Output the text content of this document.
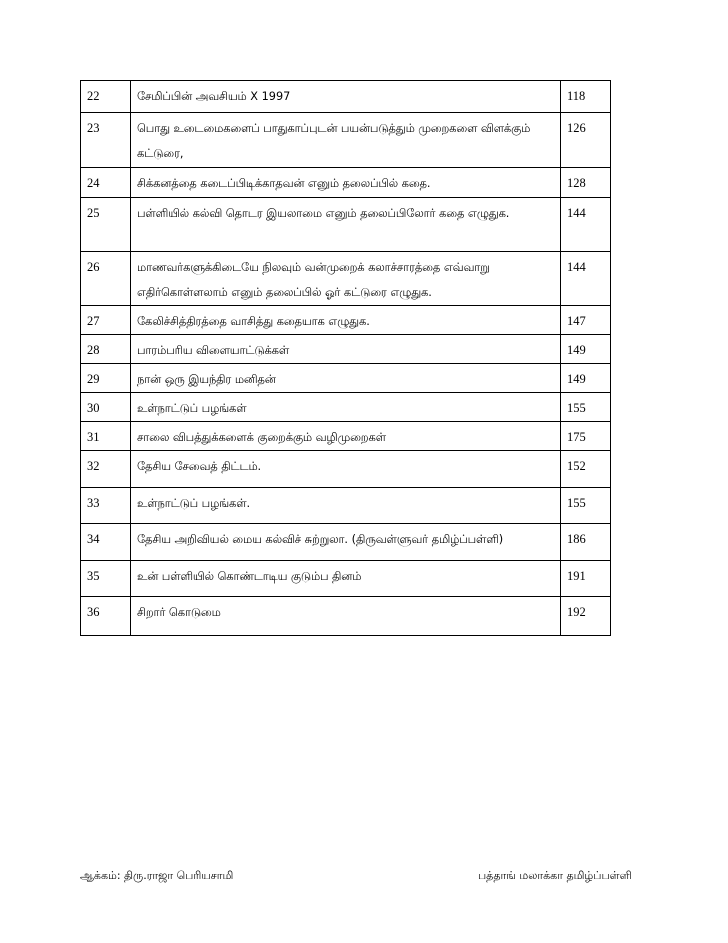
22	சேமிப்பின் அவசியம் X 1997	118
23	பொது உடைமைகளைப் பாதுகாப்புடன் பயன்படுத்தும் முறைகளை விளக்கும் கட்டுரை,	126
24	சிக்கனத்தை கடைப்பிடிக்காதவன் எனும் தலைப்பில் கதை.	128
25	பள்ளியில் கல்வி தொடர இயலாமை எனும் தலைப்பிலோர் கதை எழுதுக.	144
26	மாணவர்களுக்கிடையே நிலவும் வன்முறைக் கலாச்சாரத்தை எவ்வாறு எதிர்கொள்ளலாம் எனும் தலைப்பில் ஓர் கட்டுரை எழுதுக.	144
27	கேலிச்சித்திரத்தை வாசித்து கதையாக எழுதுக.	147
28	பாரம்பரிய விளையாட்டுக்கள்	149
29	நான் ஒரு இயந்திர மனிதன்	149
30	உள்நாட்டுப் பழங்கள்	155
31	சாலை விபத்துக்களைக் குறைக்கும் வழிமுறைகள்	175
32	தேசிய சேவைத் திட்டம்.	152
33	உள்நாட்டுப் பழங்கள்.	155
34	தேசிய அறிவியல் மைய கல்விச் சுற்றுலா. (திருவள்ளுவர் தமிழ்ப்பள்ளி)	186
35	உன் பள்ளியில் கொண்டாடிய குடும்ப தினம்	191
36	சிறார் கொடுமை	192
ஆக்கம்: திரு.ராஜா பெரியசாமி	பத்தாங் மலாக்கா தமிழ்ப்பள்ளி
